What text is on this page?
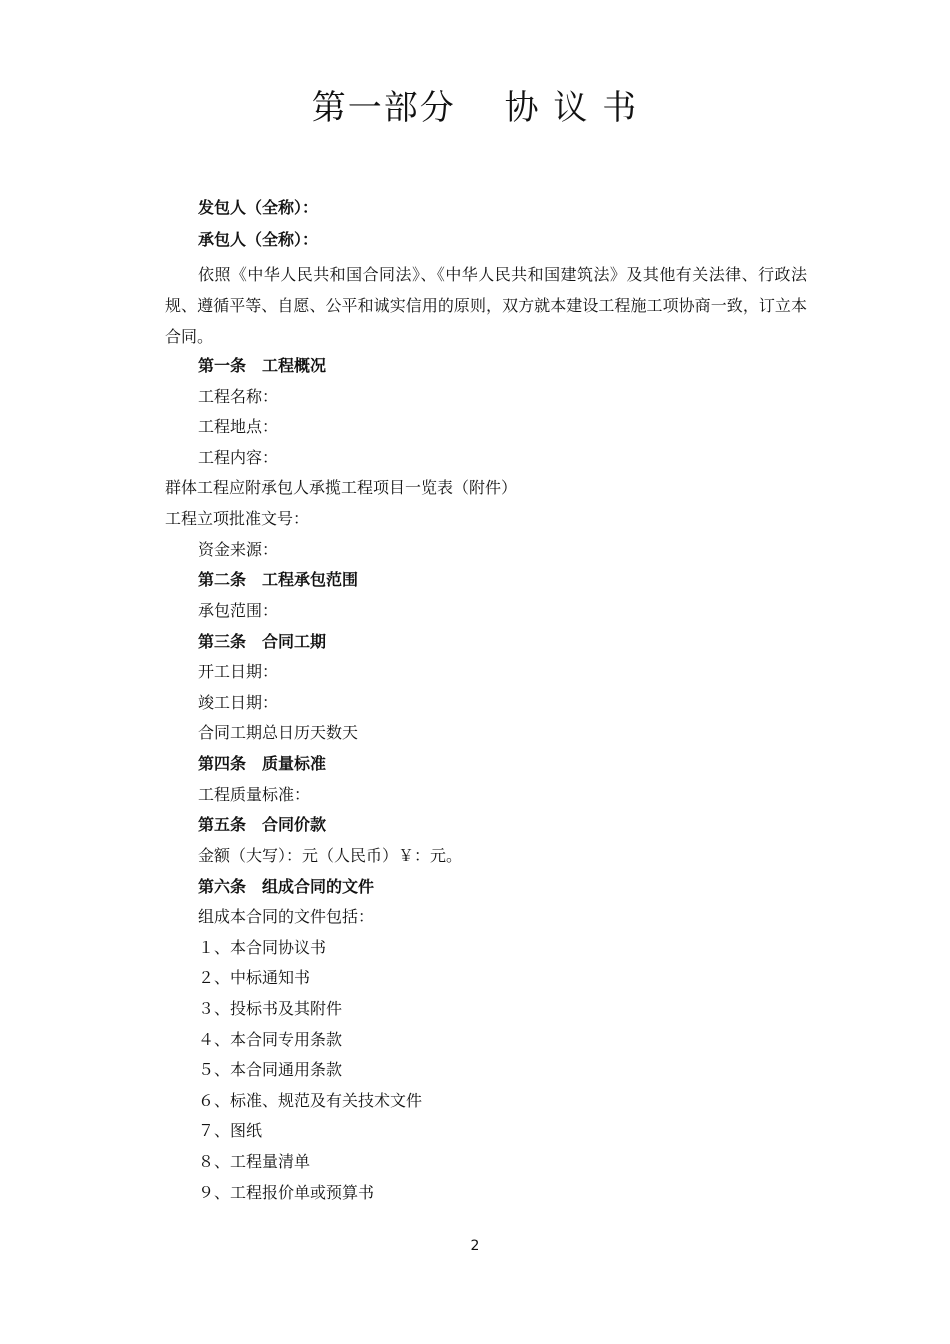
第一部分　 协 议 书
发包人（全称）：
承包人（全称）：
依照《中华人民共和国合同法》、《中华人民共和国建筑法》及其他有关法律、行政法规、遵循平等、自愿、公平和诚实信用的原则，双方就本建设工程施工项协商一致，订立本合同。
第一条　工程概况
工程名称：
工程地点：
工程内容：
群体工程应附承包人承揽工程项目一览表（附件）
工程立项批准文号：
资金来源：
第二条　工程承包范围
承包范围：
第三条　合同工期
开工日期：
竣工日期：
合同工期总日历天数天
第四条　质量标准
工程质量标准：
第五条　合同价款
金额（大写）：元（人民币）￥：元。
第六条　组成合同的文件
组成本合同的文件包括：
１、本合同协议书
２、中标通知书
３、投标书及其附件
４、本合同专用条款
５、本合同通用条款
６、标准、规范及有关技术文件
７、图纸
８、工程量清单
９、工程报价单或预算书
2
